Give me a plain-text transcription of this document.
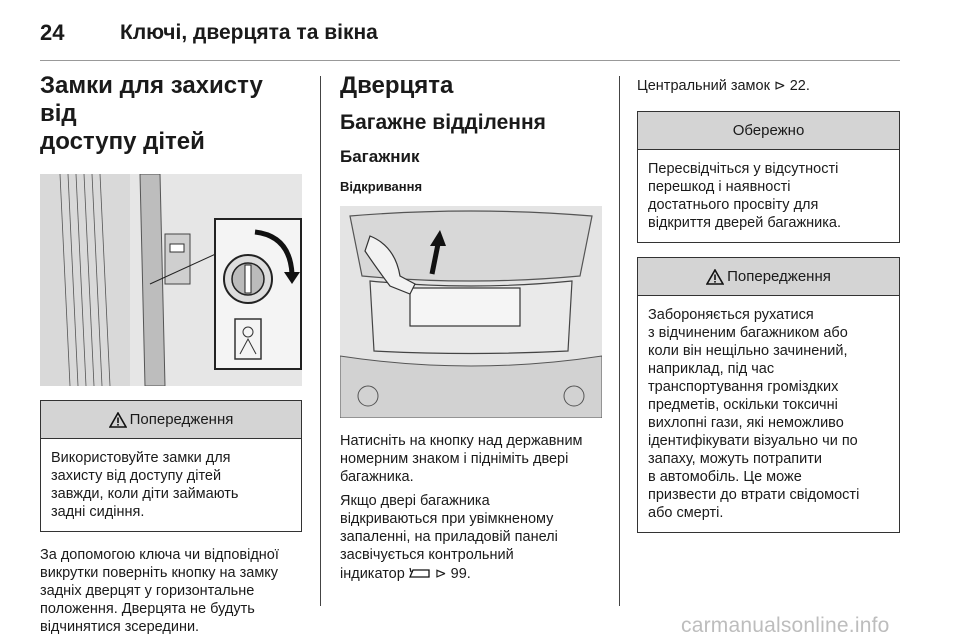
24	Ключі, дверцята та вікна
Замки для захисту від
доступу дітей
Попередження
Використовуйте замки для
захисту від доступу дітей
завжди, коли діти займають
задні сидіння.
За допомогою ключа чи відповідної
викрутки поверніть кнопку на замку
задніх дверцят у горизонтальне
положення. Дверцята не будуть
відчинятися зсередини.
Дверцята
Багажне відділення
Багажник
Відкривання
Натисніть на кнопку над державним
номерним знаком і підніміть двері
багажника.
Якщо двері багажника
відкриваються при увімкненому
запаленні, на приладовій панелі
засвічується контрольний
індикатор ⊳ 99.
Центральний замок ⊳ 22.
Обережно
Пересвідчіться у відсутності
перешкод і наявності
достатнього просвіту для
відкриття дверей багажника.
Попередження
Забороняється рухатися
з відчиненим багажником або
коли він нещільно зачинений,
наприклад, під час
транспортування громіздких
предметів, оскільки токсичні
вихлопні гази, які неможливо
ідентифікувати візуально чи по
запаху, можуть потрапити
в автомобіль. Це може
призвести до втрати свідомості
або смерті.
carmanualsonline.info
